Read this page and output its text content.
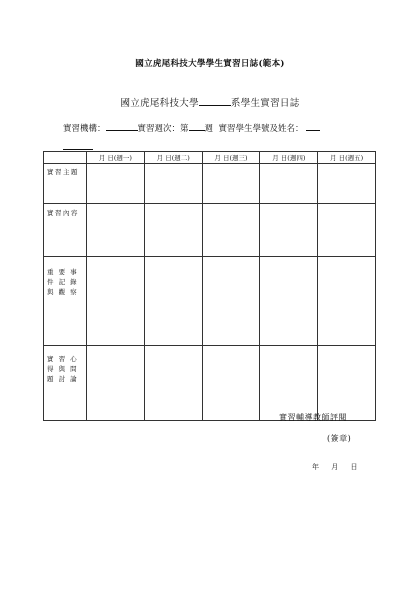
國立虎尾科技大學學生實習日誌(範本)
國立虎尾科技大學	系學生實習日誌
實習機構：	實習週次：第 週 實習學生學號及姓名：
	月 日(週一)	月 日(週二)	月 日(週三)	月 日(週四)	月 日(週五)
實習主題					
實習內容					
重 要 事件 記 錄與 觀 察					
實 習 心得 與 問題 討 論					
實習輔導教師評閱
(簽章)
年 月 日
